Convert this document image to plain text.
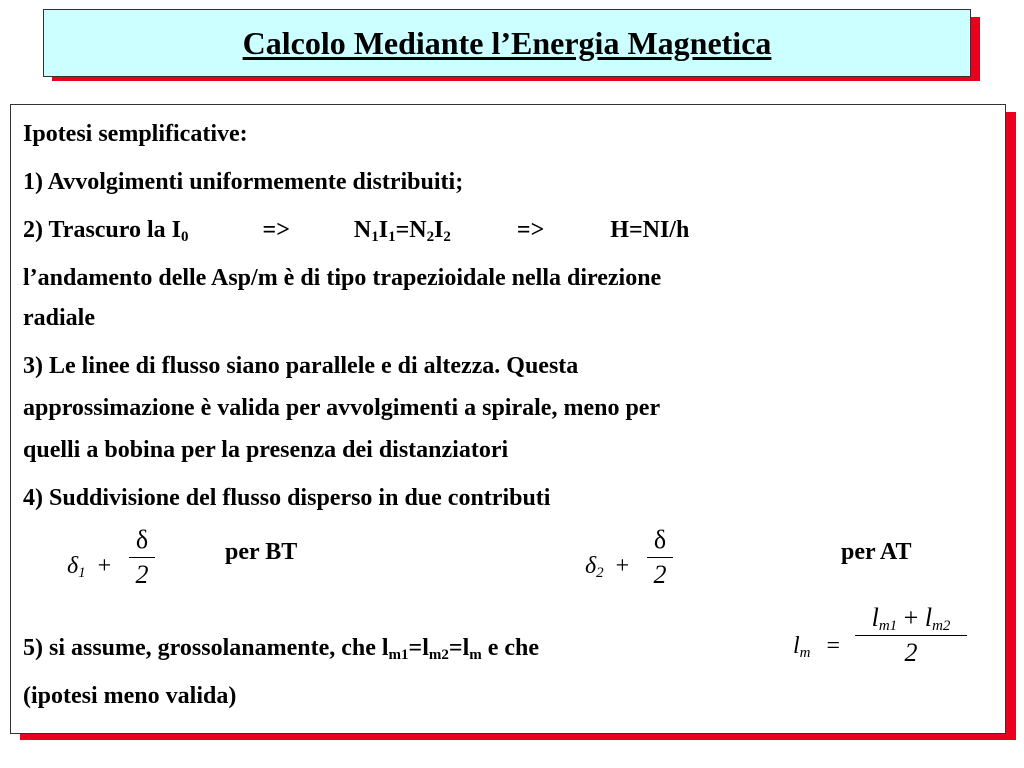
Calcolo Mediante l’Energia Magnetica
Ipotesi semplificative:
1) Avvolgimenti uniformemente distribuiti;
2) Trascuro la $I_0$	=>	$N_1I_1=N_2I_2$	=>	H=NI/h
l’andamento delle Asp/m è di tipo trapezioidale nella direzione
radiale
3) Le linee di flusso siano parallele e di altezza. Questa
approssimazione è valida per avvolgimenti a spirale, meno per
quelli a bobina per la presenza dei distanziatori
4) Suddivisione del flusso disperso in due contributi
$\delta_1$ +
δ
2
per BT
$\delta_2$ +
δ
2
per AT
5) si assume, grossolanamente, che $l_{m1}=l_{m2}=l_m$ e che	$l_m$ =
$l_{m1} + l_{m2}$
2
(ipotesi meno valida)
